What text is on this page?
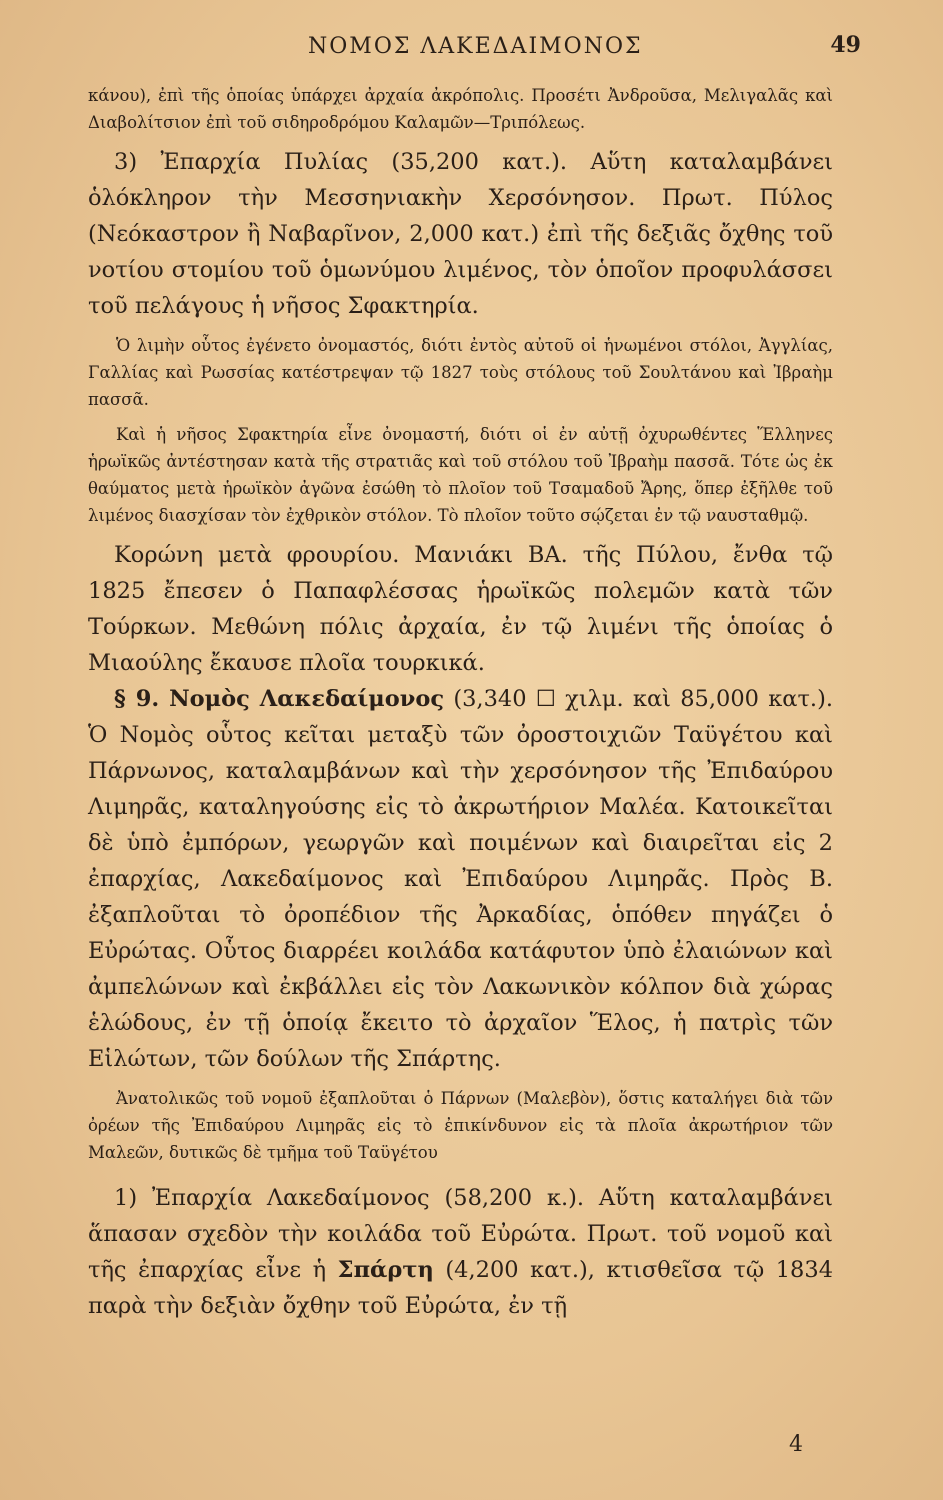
ΝΟΜΟΣ ΛΑΚΕΔΑΙΜΟΝΟΣ	49

κάνου), ἐπὶ τῆς ὁποίας ὑπάρχει ἀρχαία ἀκρόπολις. Προσέτι Ἀνδροῦσα, Μελιγαλᾶς καὶ Διαβολίτσιον ἐπὶ τοῦ σιδηροδρόμου Καλαμῶν—Τριπόλεως.

3) Ἐπαρχία Πυλίας (35,200 κατ.). Αὕτη καταλαμβάνει ὁλόκληρον τὴν Μεσσηνιακὴν Χερσόνησον. Πρωτ. Πύλος (Νεόκαστρον ἢ Ναβαρῖνον, 2,000 κατ.) ἐπὶ τῆς δεξιᾶς ὄχθης τοῦ νοτίου στομίου τοῦ ὁμωνύμου λιμένος, τὸν ὁποῖον προφυλάσσει τοῦ πελάγους ἡ νῆσος Σφακτηρία.

Ὁ λιμὴν οὗτος ἐγένετο ὀνομαστός, διότι ἐντὸς αὐτοῦ οἱ ἡνωμένοι στόλοι, Ἀγγλίας, Γαλλίας καὶ Ρωσσίας κατέστρεψαν τῷ 1827 τοὺς στόλους τοῦ Σουλτάνου καὶ Ἰβραὴμ πασσᾶ.

Καὶ ἡ νῆσος Σφακτηρία εἶνε ὀνομαστή, διότι οἱ ἐν αὐτῇ ὀχυρωθέντες Ἕλληνες ἡρωϊκῶς ἀντέστησαν κατὰ τῆς στρατιᾶς καὶ τοῦ στόλου τοῦ Ἰβραὴμ πασσᾶ. Τότε ὡς ἐκ θαύματος μετὰ ἡρωϊκὸν ἀγῶνα ἐσώθη τὸ πλοῖον τοῦ Τσαμαδοῦ Ἄρης, ὅπερ ἐξῆλθε τοῦ λιμένος διασχίσαν τὸν ἐχθρικὸν στόλον. Τὸ πλοῖον τοῦτο σῴζεται ἐν τῷ ναυσταθμῷ.

Κορώνη μετὰ φρουρίου. Μανιάκι ΒΑ. τῆς Πύλου, ἔνθα τῷ 1825 ἔπεσεν ὁ Παπαφλέσσας ἡρωϊκῶς πολεμῶν κατὰ τῶν Τούρκων. Μεθώνη πόλις ἀρχαία, ἐν τῷ λιμένι τῆς ὁποίας ὁ Μιαούλης ἔκαυσε πλοῖα τουρκικά.

§ 9. Νομὸς Λακεδαίμονος (3,340 ☐ χιλμ. καὶ 85,000 κατ.). Ὁ Νομὸς οὗτος κεῖται μεταξὺ τῶν ὀροστοιχιῶν Ταϋγέτου καὶ Πάρνωνος, καταλαμβάνων καὶ τὴν χερσόνησον τῆς Ἐπιδαύρου Λιμηρᾶς, καταληγούσης εἰς τὸ ἀκρωτήριον Μαλέα. Κατοικεῖται δὲ ὑπὸ ἐμπόρων, γεωργῶν καὶ ποιμένων καὶ διαιρεῖται εἰς 2 ἐπαρχίας, Λακεδαίμονος καὶ Ἐπιδαύρου Λιμηρᾶς. Πρὸς Β. ἐξαπλοῦται τὸ ὀροπέδιον τῆς Ἀρκαδίας, ὁπόθεν πηγάζει ὁ Εὐρώτας. Οὗτος διαρρέει κοιλάδα κατάφυτον ὑπὸ ἐλαιώνων καὶ ἀμπελώνων καὶ ἐκβάλλει εἰς τὸν Λακωνικὸν κόλπον διὰ χώρας ἑλώδους, ἐν τῇ ὁποίᾳ ἔκειτο τὸ ἀρχαῖον Ἕλος, ἡ πατρὶς τῶν Εἱλώτων, τῶν δούλων τῆς Σπάρτης.

Ἀνατολικῶς τοῦ νομοῦ ἐξαπλοῦται ὁ Πάρνων (Μαλεβὸν), ὅστις καταλήγει διὰ τῶν ὀρέων τῆς Ἐπιδαύρου Λιμηρᾶς εἰς τὸ ἐπικίνδυνον εἰς τὰ πλοῖα ἀκρωτήριον τῶν Μαλεῶν, δυτικῶς δὲ τμῆμα τοῦ Ταϋγέτου

1) Ἐπαρχία Λακεδαίμονος (58,200 κ.). Αὕτη καταλαμβάνει ἅπασαν σχεδὸν τὴν κοιλάδα τοῦ Εὐρώτα. Πρωτ. τοῦ νομοῦ καὶ τῆς ἐπαρχίας εἶνε ἡ Σπάρτη (4,200 κατ.), κτισθεῖσα τῷ 1834 παρὰ τὴν δεξιὰν ὄχθην τοῦ Εὐρώτα, ἐν τῇ

4
